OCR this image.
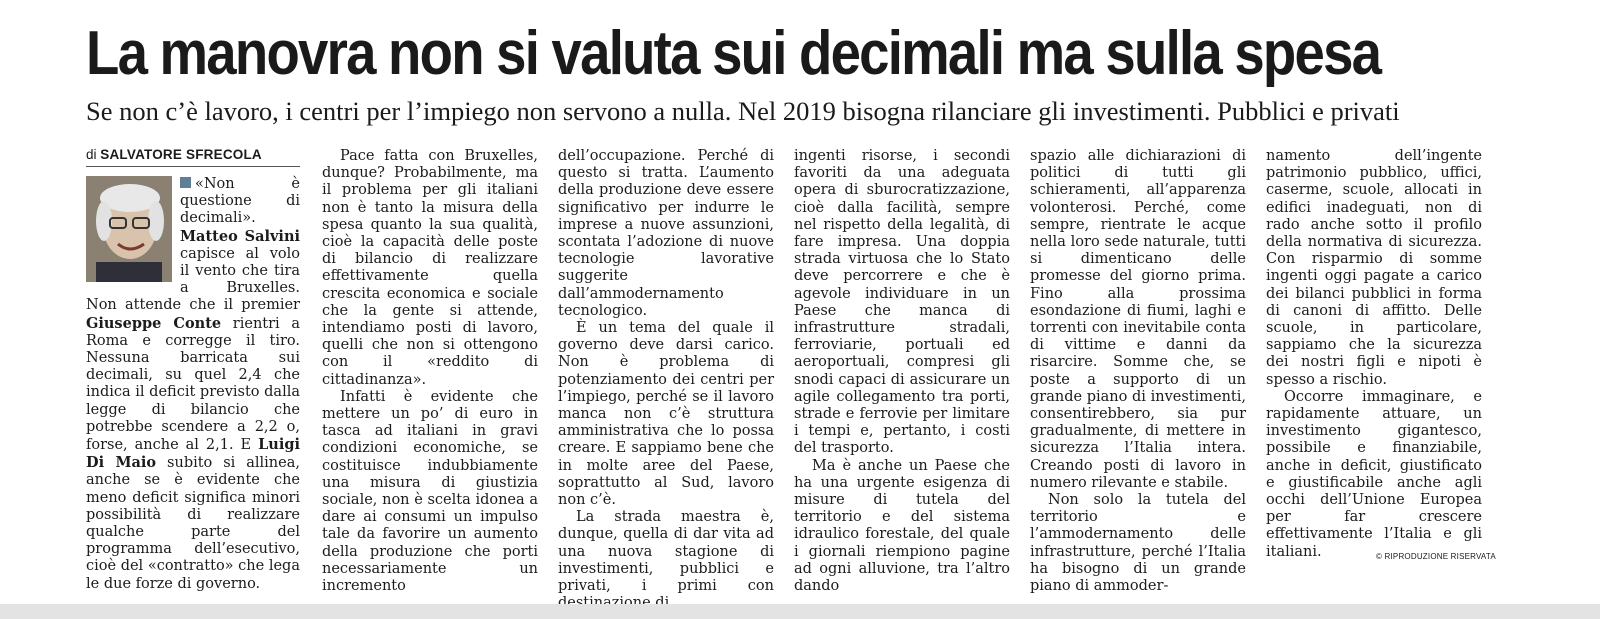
La manovra non si valuta sui decimali ma sulla spesa
Se non c’è lavoro, i centri per l’impiego non servono a nulla. Nel 2019 bisogna rilanciare gli investimenti. Pubblici e privati
di SALVATORE SFRECOLA

«Non è questione di decimali». Matteo Salvini capisce al volo il vento che tira a Bruxelles. Non attende che il premier Giuseppe Conte rientri a Roma e corregge il tiro. Nessuna barricata sui decimali, su quel 2,4 che indica il deficit previsto dalla legge di bilancio che potrebbe scendere a 2,2 o, forse, anche al 2,1. E Luigi Di Maio subito si allinea, anche se è evidente che meno deficit significa minori possibilità di realizzare qualche parte del programma dell’esecutivo, cioè del «contratto» che lega le due forze di governo.

Pace fatta con Bruxelles, dunque? Probabilmente, ma il problema per gli italiani non è tanto la misura della spesa quanto la sua qualità, cioè la capacità delle poste di bilancio di realizzare effettivamente quella crescita economica e sociale che la gente si attende, intendiamo posti di lavoro, quelli che non si ottengono con il «reddito di cittadinanza».

Infatti è evidente che mettere un po’ di euro in tasca ad italiani in gravi condizioni economiche, se costituisce indubbiamente una misura di giustizia sociale, non è scelta idonea a dare ai consumi un impulso tale da favorire un aumento della produzione che porti necessariamente un incremento

dell’occupazione. Perché di questo si tratta. L’aumento della produzione deve essere significativo per indurre le imprese a nuove assunzioni, scontata l’adozione di nuove tecnologie lavorative suggerite dall’ammodernamento tecnologico.

È un tema del quale il governo deve darsi carico. Non è problema di potenziamento dei centri per l’impiego, perché se il lavoro manca non c’è struttura amministrativa che lo possa creare. E sappiamo bene che in molte aree del Paese, soprattutto al Sud, lavoro non c’è.

La strada maestra è, dunque, quella di dar vita ad una nuova stagione di investimenti, pubblici e privati, i primi con

ingenti risorse, i secondi favoriti da una adeguata opera di sburocratizzazione, cioè dalla facilità, sempre nel rispetto della legalità, di fare impresa. Una doppia strada virtuosa che lo Stato deve percorrere e che è agevole individuare in un Paese che manca di infrastrutture stradali, ferroviarie, portuali ed aeroportuali, compresi gli snodi capaci di assicurare un agile collegamento tra porti, strade e ferrovie per limitare i tempi e, pertanto, i costi del trasporto.

Ma è anche un Paese che ha una urgente esigenza di misure di tutela del territorio e del sistema idraulico forestale, del quale i giornali riempiono pagine ad ogni alluvione, tra l’altro dando

spazio alle dichiarazioni di politici di tutti gli schieramenti, all’apparenza volonterosi. Perché, come sempre, rientrate le acque nella loro sede naturale, tutti si dimenticano delle promesse del giorno prima. Fino alla prossima esondazione di fiumi, laghi e torrenti con inevitabile conta di vittime e danni da risarcire. Somme che, se poste a supporto di un grande piano di investimenti, consentirebbero, sia pur gradualmente, di mettere in sicurezza l’Italia intera. Creando posti di lavoro in numero rilevante e stabile.

Non solo la tutela del territorio e l’ammodernamento delle infrastrutture, perché l’Italia ha bisogno di un grande piano di ammoder-

namento dell’ingente patrimonio pubblico, uffici, caserme, scuole, allocati in edifici inadeguati, non di rado anche sotto il profilo della normativa di sicurezza. Con risparmio di somme ingenti oggi pagate a carico dei bilanci pubblici in forma di canoni di affitto. Delle scuole, in particolare, sappiamo che la sicurezza dei nostri figli e nipoti è spesso a rischio.

Occorre immaginare, e rapidamente attuare, un investimento gigantesco, possibile e finanziabile, anche in deficit, giustificato e giustificabile anche agli occhi dell’Unione Europea per far crescere effettivamente l’Italia e gli italiani.	© RIPRODUZIONE RISERVATA
